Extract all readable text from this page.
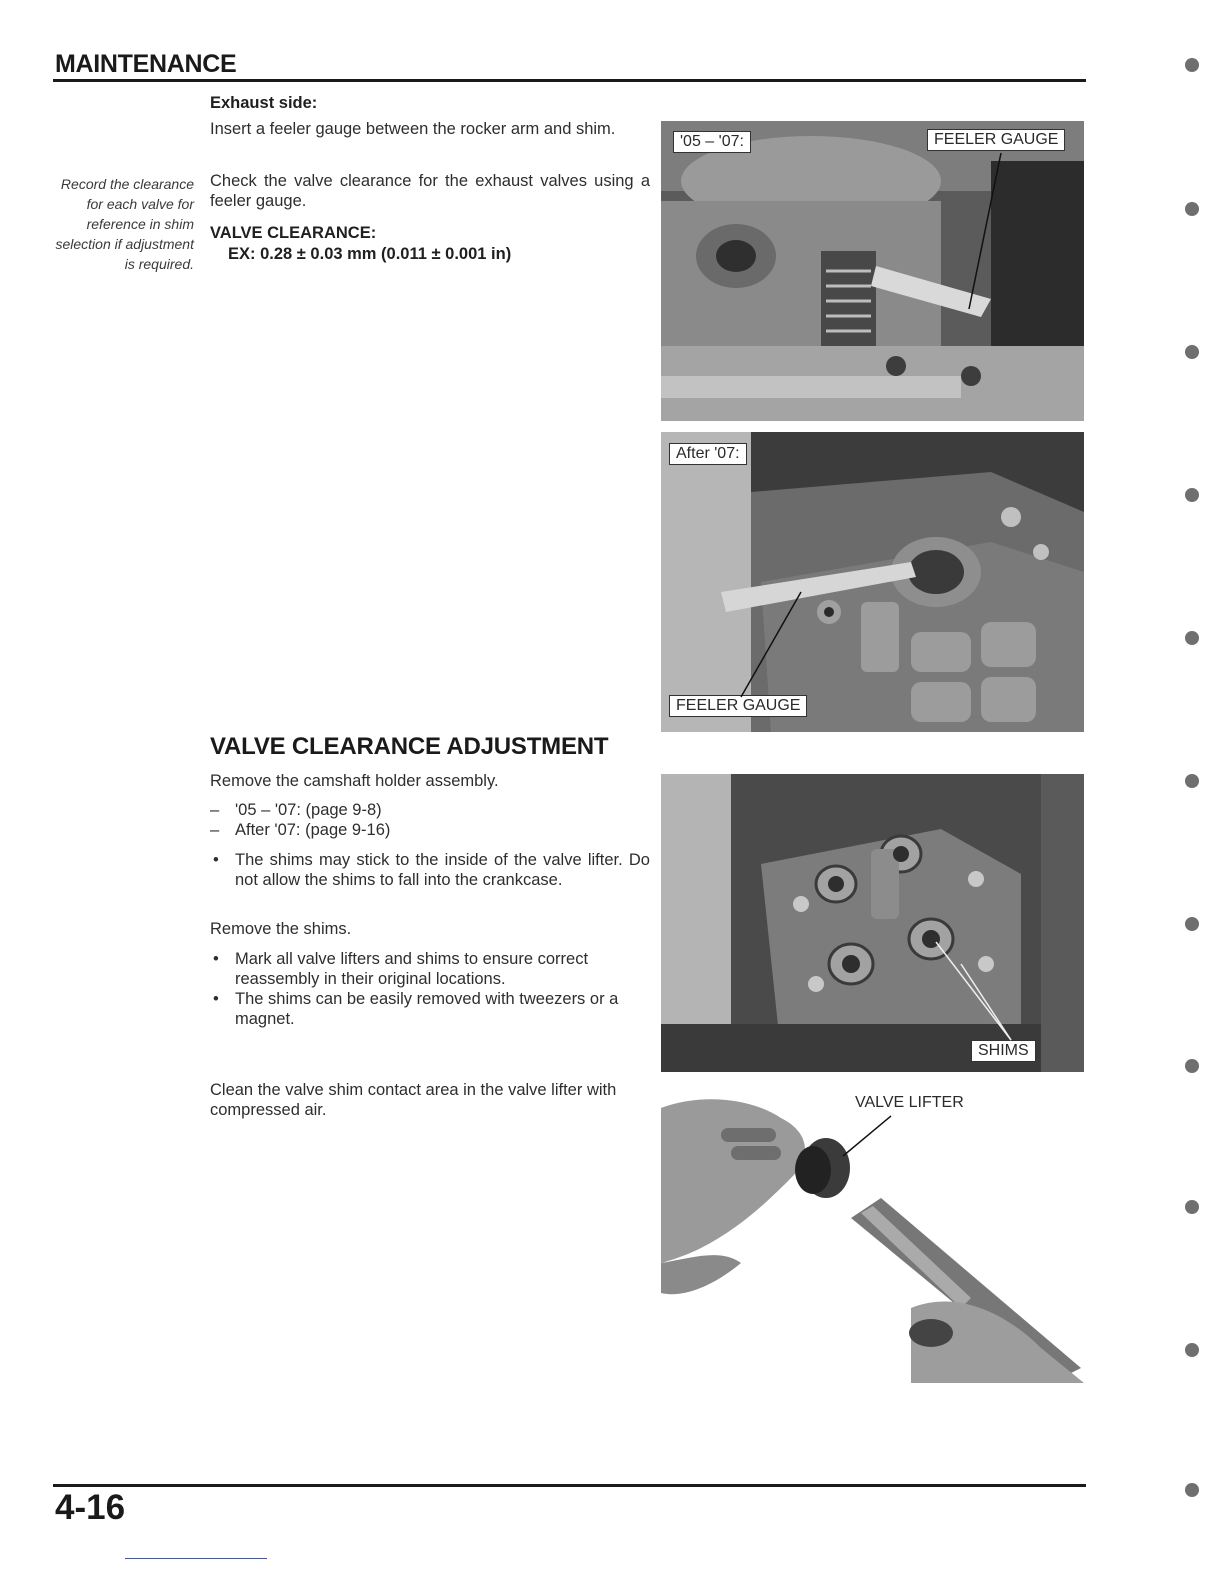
MAINTENANCE
Exhaust side:
Insert a feeler gauge between the rocker arm and shim.
Check the valve clearance for the exhaust valves using a feeler gauge.
VALVE CLEARANCE:
EX: 0.28 ± 0.03 mm (0.011 ± 0.001 in)
Record the clearance for each valve for reference in shim selection if adjustment is required.
VALVE CLEARANCE ADJUSTMENT
Remove the camshaft holder assembly.
– '05 – '07: (page 9-8)
– After '07: (page 9-16)
• The shims may stick to the inside of the valve lifter. Do not allow the shims to fall into the crankcase.
Remove the shims.
• Mark all valve lifters and shims to ensure correct reassembly in their original locations.
• The shims can be easily removed with tweezers or a magnet.
Clean the valve shim contact area in the valve lifter with compressed air.
'05 – '07:	FEELER GAUGE
After '07:
FEELER GAUGE
SHIMS
VALVE LIFTER
4-16
